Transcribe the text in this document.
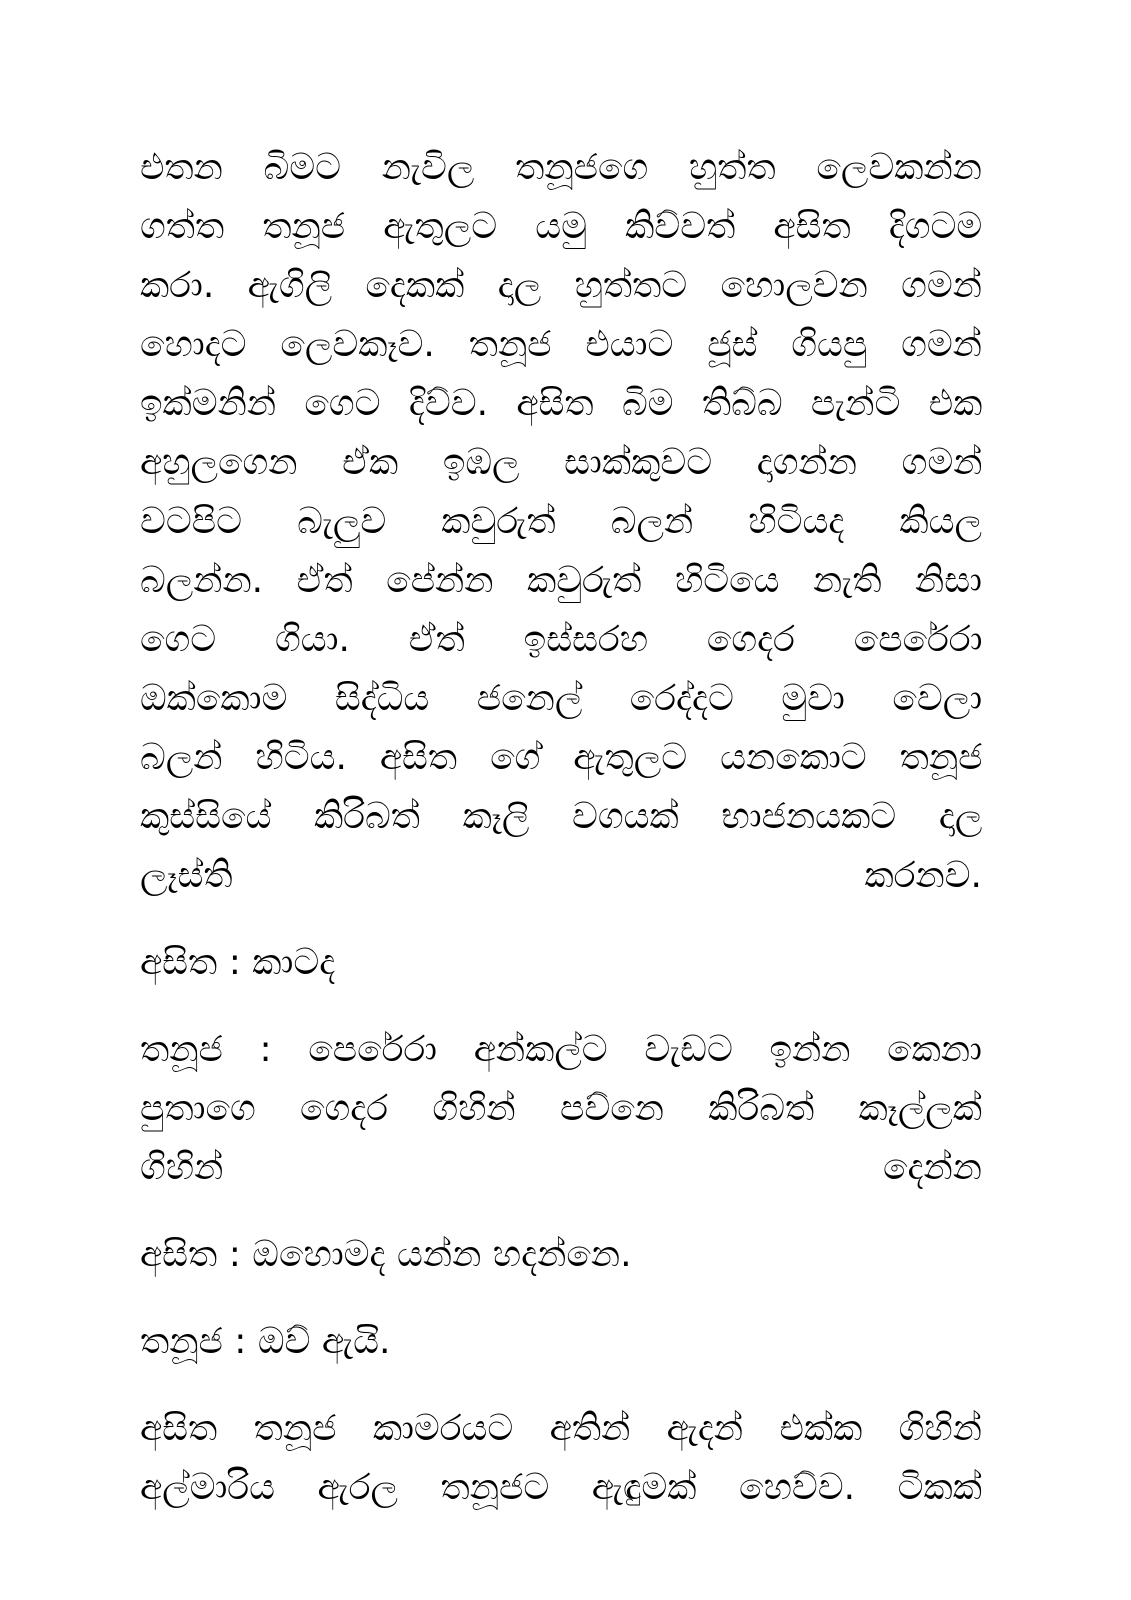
එතන බිමට නැවිල තනූජගෙ හුත්ත ලෙවකන්න
ගත්ත තනූජ ඇතුලට යමු කිව්වත් අසිත දිගටම
කරා. ඇගිලි දෙකක් දාල හුත්තට හොලවන ගමන්
හොදට ලෙවකෑව. තනූජ එයාට ජූස් ගියපු ගමන්
ඉක්මනින් ගෙට දිව්ව. අසිත බිම තිබ්බ පැන්ටි එක
අහුලගෙන ඒක ඉඹල සාක්කුවට දාගන්න ගමන්
වටපිට බැලුව කවුරුත් බලන් හිටියද කියල
බලන්න. ඒත් පේන්න කවුරුත් හිටියෙ නැති නිසා
ගෙට ගියා. ඒත් ඉස්සරහ ගෙදර පෙරේරා
ඔක්කොම සිද්ධිය ජනෙල් රෙද්දට මුවා වෙලා
බලන් හිටිය. අසිත ගේ ඇතුලට යනකොට තනූජ
කුස්සියේ කිරිබත් කෑලි වගයක් භාජනයකට දාල
ලෑස්ති කරනව.

අසිත : කාටද

තනූජ : පෙරේරා අන්කල්ට වැඩට ඉන්න කෙනා
පුතාගෙ ගෙදර ගිහින් පව්නෙ කිරිබත් කෑල්ලක්
ගිහින් දෙන්න

අසිත : ඔහොමද යන්න හදන්නෙ.

තනූජ : ඔව් ඇයි.

අසිත තනූජ කාමරයට අතින් ඇදන් එක්ක ගිහින්
අල්මාරිය ඇරල තනූජට ඇඳුමක් හෙව්ව. ටිකක්
